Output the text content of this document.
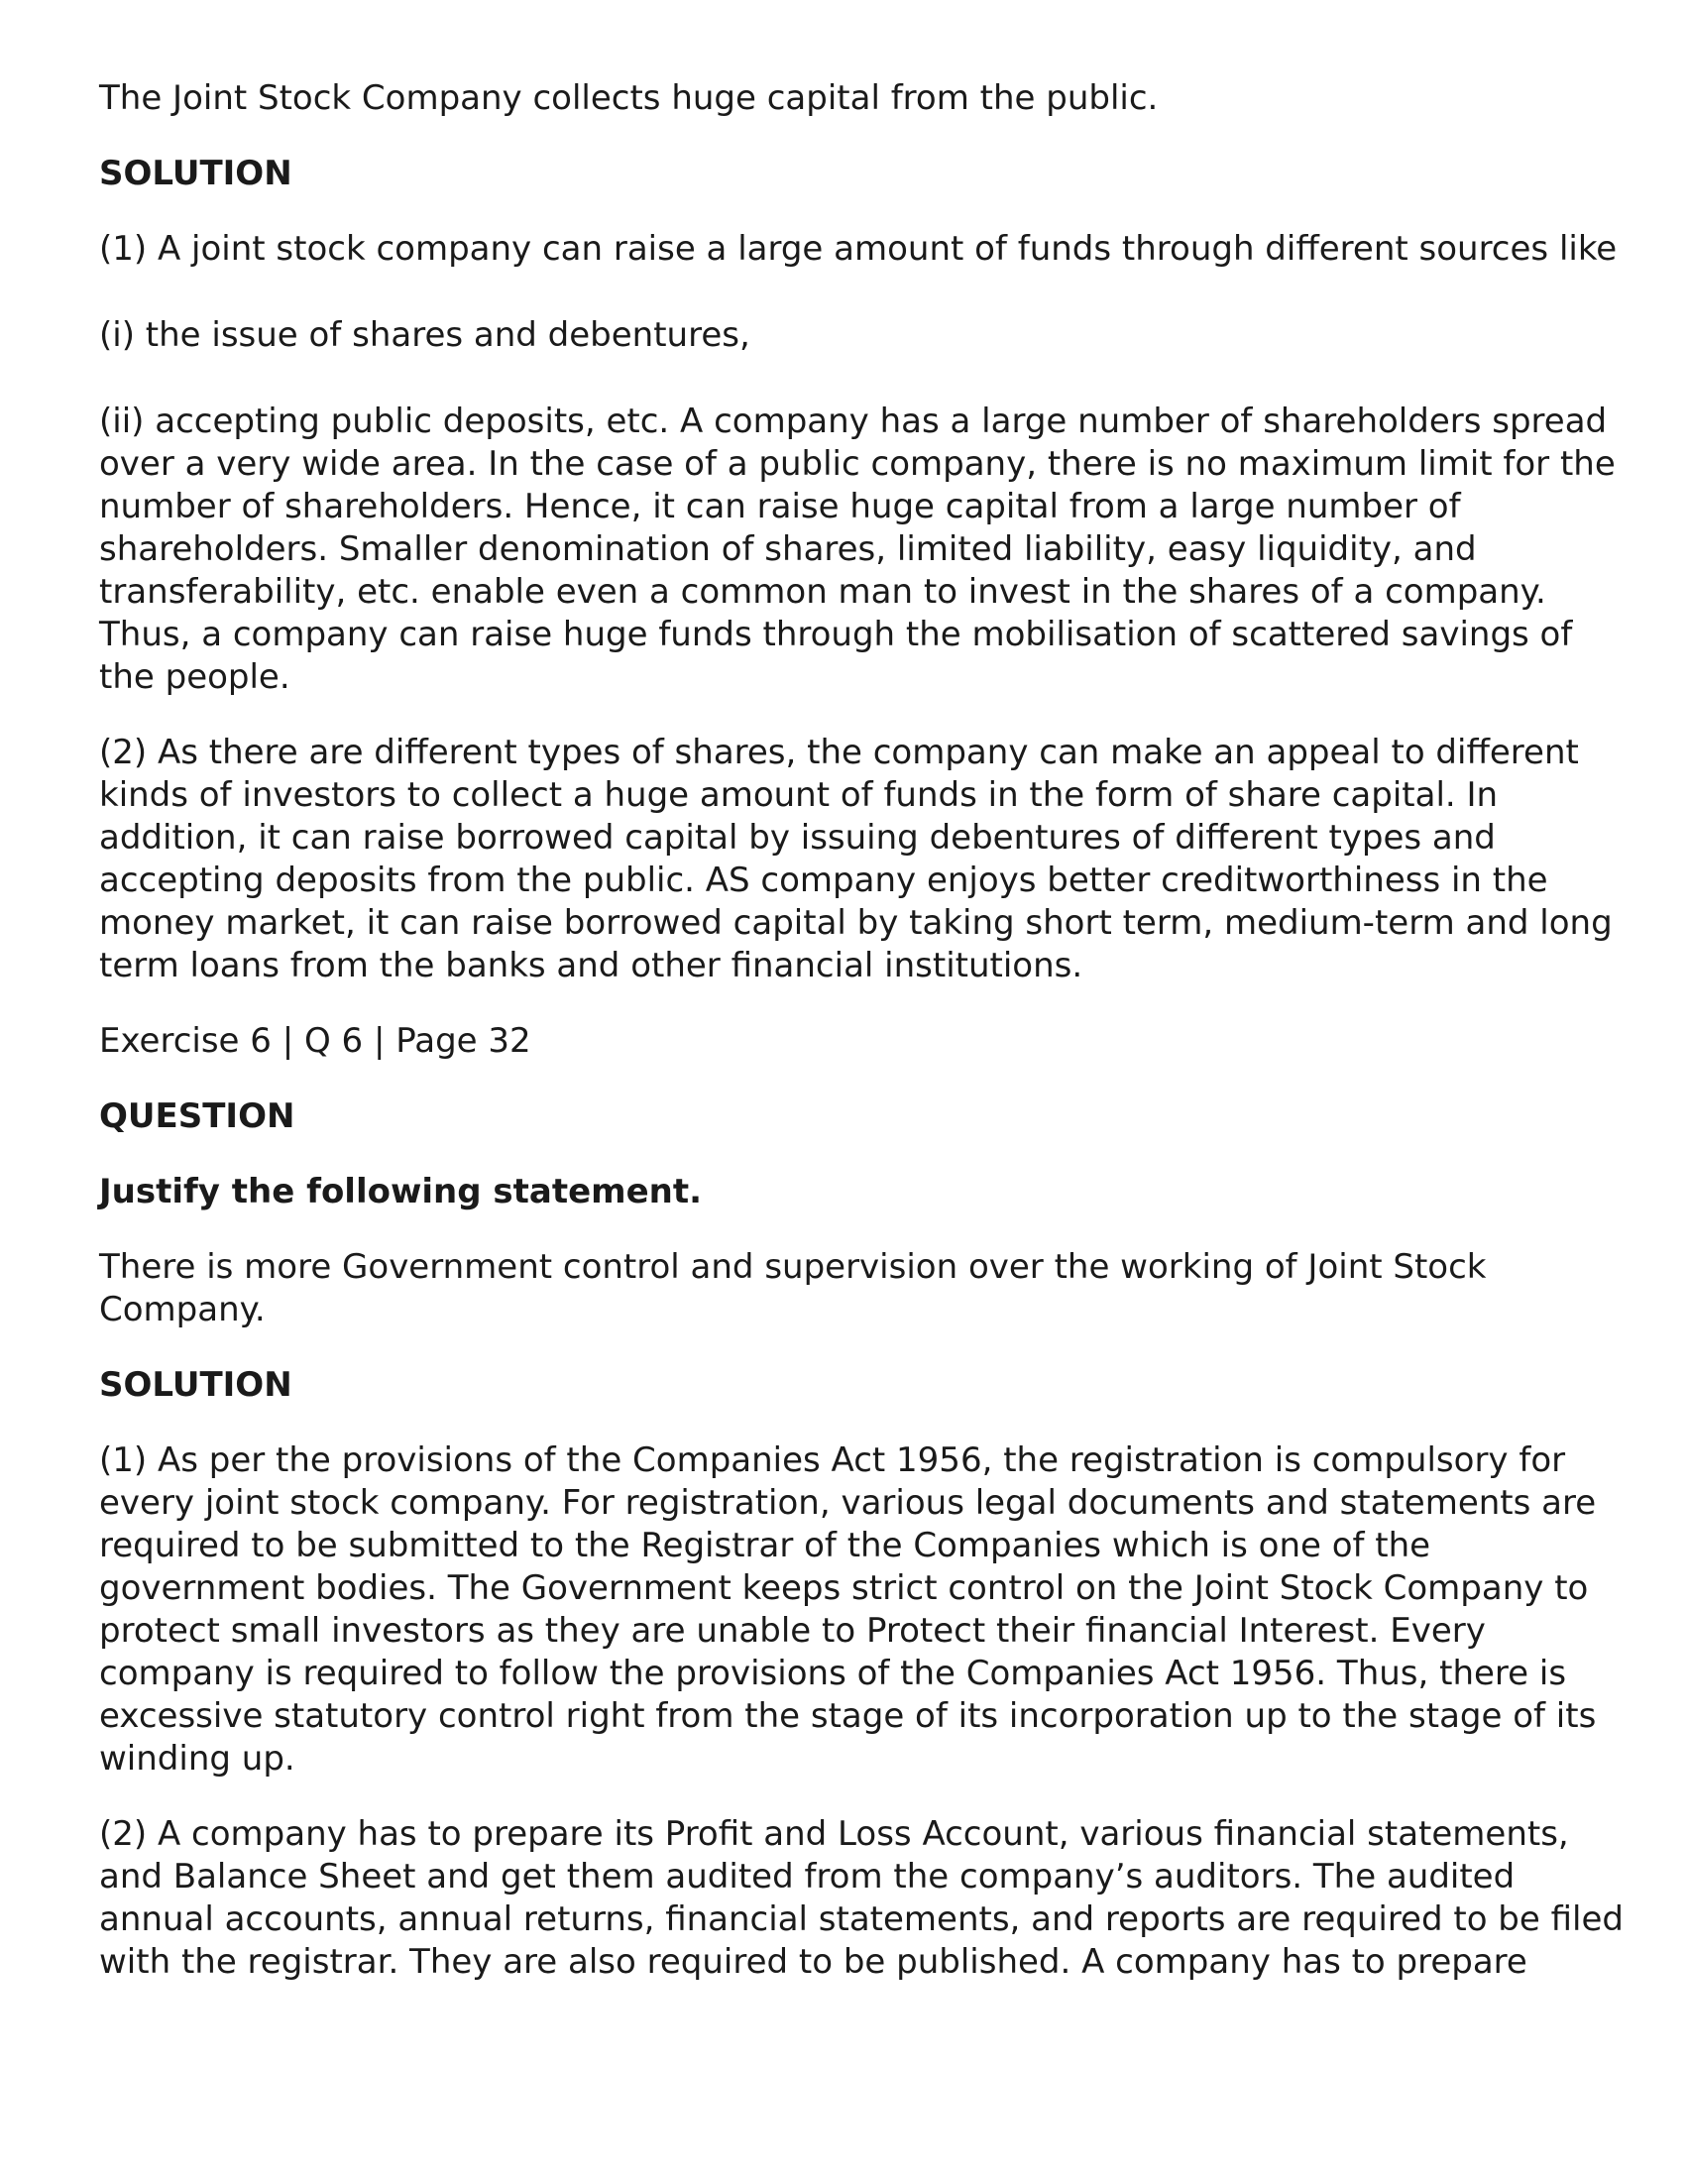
The Joint Stock Company collects huge capital from the public.

SOLUTION

(1) A joint stock company can raise a large amount of funds through different sources like

(i) the issue of shares and debentures,

(ii) accepting public deposits, etc. A company has a large number of shareholders spread over a very wide area. In the case of a public company, there is no maximum limit for the number of shareholders. Hence, it can raise huge capital from a large number of shareholders. Smaller denomination of shares, limited liability, easy liquidity, and transferability, etc. enable even a common man to invest in the shares of a company. Thus, a company can raise huge funds through the mobilisation of scattered savings of the people.

(2) As there are different types of shares, the company can make an appeal to different kinds of investors to collect a huge amount of funds in the form of share capital. In addition, it can raise borrowed capital by issuing debentures of different types and accepting deposits from the public. AS company enjoys better creditworthiness in the money market, it can raise borrowed capital by taking short term, medium-term and long term loans from the banks and other financial institutions.

Exercise 6 | Q 6 | Page 32

QUESTION

Justify the following statement.

There is more Government control and supervision over the working of Joint Stock Company.

SOLUTION

(1) As per the provisions of the Companies Act 1956, the registration is compulsory for every joint stock company. For registration, various legal documents and statements are required to be submitted to the Registrar of the Companies which is one of the government bodies. The Government keeps strict control on the Joint Stock Company to protect small investors as they are unable to Protect their financial Interest. Every company is required to follow the provisions of the Companies Act 1956. Thus, there is excessive statutory control right from the stage of its incorporation up to the stage of its winding up.

(2) A company has to prepare its Profit and Loss Account, various financial statements, and Balance Sheet and get them audited from the company’s auditors. The audited annual accounts, annual returns, financial statements, and reports are required to be filed with the registrar. They are also required to be published. A company has to prepare
